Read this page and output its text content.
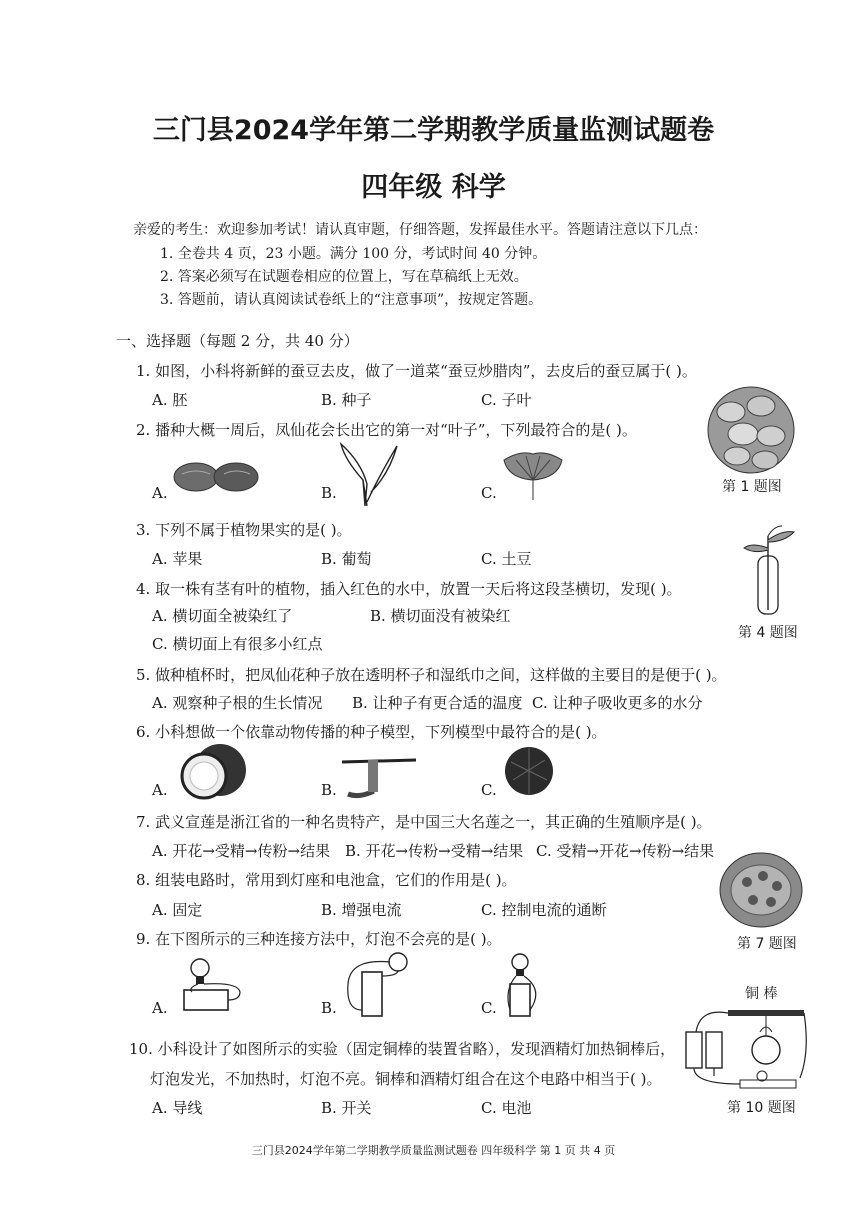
三门县2024学年第二学期教学质量监测试题卷
四年级 科学
亲爱的考生：欢迎参加考试！请认真审题，仔细答题，发挥最佳水平。答题请注意以下几点：
1. 全卷共 4 页，23 小题。满分 100 分，考试时间 40 分钟。
2. 答案必须写在试题卷相应的位置上，写在草稿纸上无效。
3. 答题前，请认真阅读试卷纸上的“注意事项”，按规定答题。
一、选择题（每题 2 分，共 40 分）
1. 如图，小科将新鲜的蚕豆去皮，做了一道菜“蚕豆炒腊肉”，去皮后的蚕豆属于( )。
A. 胚	B. 种子	C. 子叶
2. 播种大概一周后，凤仙花会长出它的第一对“叶子”，下列最符合的是( )。
A.	B.	C.	第 1 题图
3. 下列不属于植物果实的是( )。
A. 苹果	B. 葡萄	C. 土豆
4. 取一株有茎有叶的植物，插入红色的水中，放置一天后将这段茎横切，发现( )。
A. 横切面全被染红了	B. 横切面没有被染红
C. 横切面上有很多小红点
第 4 题图
5. 做种植杯时，把凤仙花种子放在透明杯子和湿纸巾之间，这样做的主要目的是便于( )。
A. 观察种子根的生长情况 B. 让种子有更合适的温度 C. 让种子吸收更多的水分
6. 小科想做一个依靠动物传播的种子模型，下列模型中最符合的是( )。
A.	B.	C.
7. 武义宣莲是浙江省的一种名贵特产，是中国三大名莲之一，其正确的生殖顺序是( )。
A. 开花→受精→传粉→结果 B. 开花→传粉→受精→结果 C. 受精→开花→传粉→结果
8. 组装电路时，常用到灯座和电池盒，它们的作用是( )。
A. 固定	B. 增强电流	C. 控制电流的通断
第 7 题图
9. 在下图所示的三种连接方法中，灯泡不会亮的是( )。
A.	B.	C.
10. 小科设计了如图所示的实验（固定铜棒的装置省略），发现酒精灯加热铜棒后，
灯泡发光，不加热时，灯泡不亮。铜棒和酒精灯组合在这个电路中相当于( )。
A. 导线	B. 开关	C. 电池
铜 棒
第 10 题图
三门县2024学年第二学期教学质量监测试题卷 四年级科学 第 1 页 共 4 页
